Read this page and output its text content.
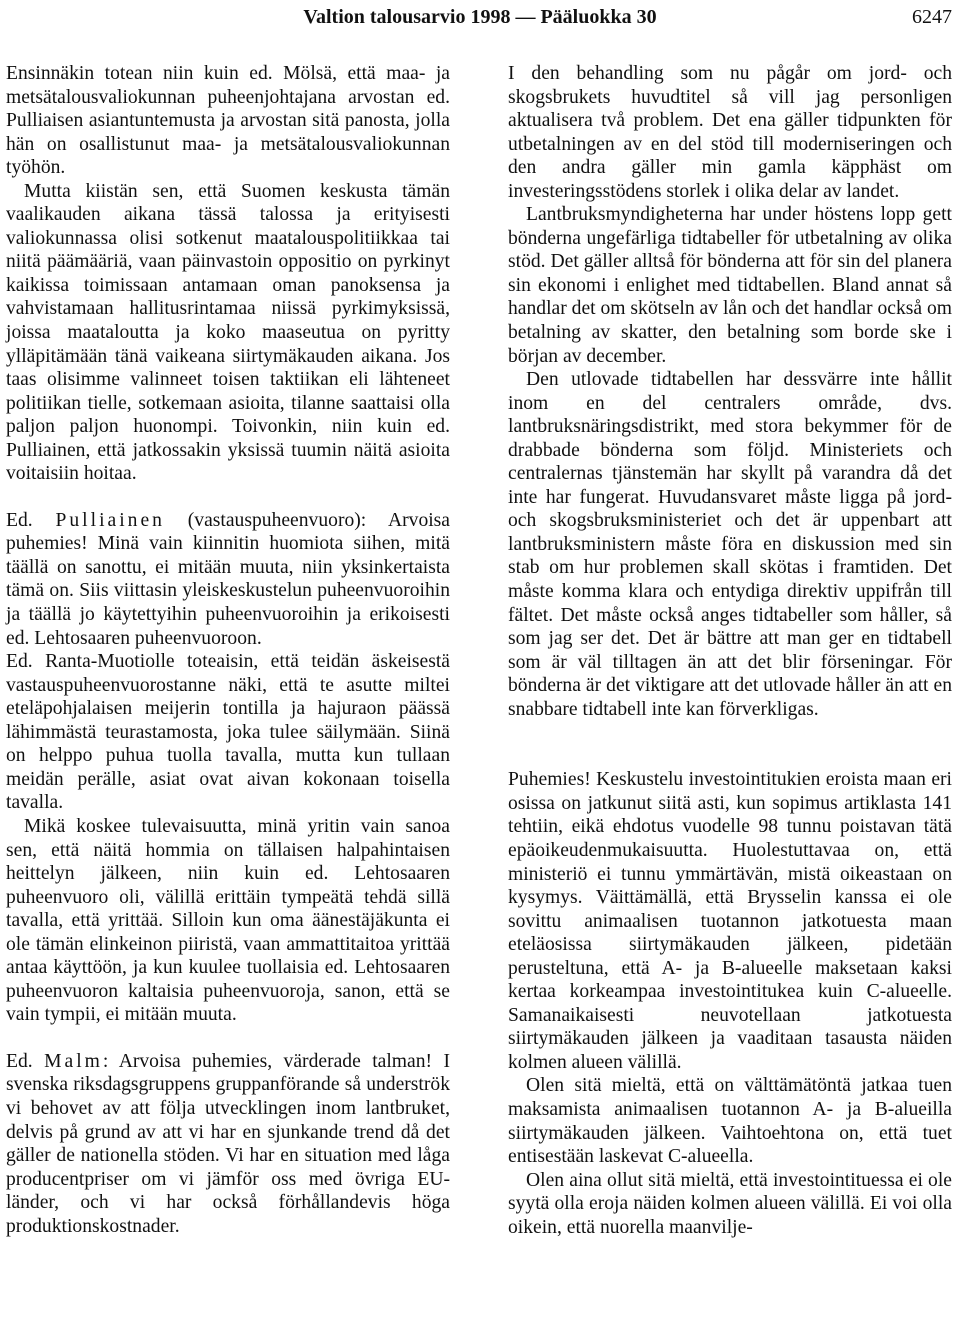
Valtion talousarvio 1998 — Pääluokka 30	6247

Ensinnäkin totean niin kuin ed. Mölsä, että maa- ja metsätalousvaliokunnan puheenjohtajana arvostan ed. Pulliaisen asiantuntemusta ja arvostan sitä panosta, jolla hän on osallistunut maa- ja metsätalousvaliokunnan työhön.

Mutta kiistän sen, että Suomen keskusta tämän vaalikauden aikana tässä talossa ja erityisesti valiokunnassa olisi sotkenut maatalouspolitiikkaa tai niitä päämääriä, vaan päinvastoin oppositio on pyrkinyt kaikissa toimissaan antamaan oman panoksensa ja vahvistamaan hallitusrintamaa niissä pyrkimyksissä, joissa maataloutta ja koko maaseutua on pyritty ylläpitämään tänä vaikeana siirtymäkauden aikana. Jos taas olisimme valinneet toisen taktiikan eli lähteneet politiikan tielle, sotkemaan asioita, tilanne saattaisi olla paljon paljon huonompi. Toivonkin, niin kuin ed. Pulliainen, että jatkossakin yksissä tuumin näitä asioita voitaisiin hoitaa.

Ed. Pulliainen (vastauspuheenvuoro): Arvoisa puhemies! Minä vain kiinnitin huomiota siihen, mitä täällä on sanottu, ei mitään muuta, niin yksinkertaista tämä on. Siis viittasin yleiskeskustelun puheenvuoroihin ja täällä jo käytettyihin puheenvuoroihin ja erikoisesti ed. Lehtosaaren puheenvuoroon.

Ed. Ranta-Muotiolle toteaisin, että teidän äskeisestä vastauspuheenvuorostanne näki, että te asutte miltei eteläpohjalaisen meijerin tontilla ja hajuraon päässä lähimmästä teurastamosta, joka tulee säilymään. Siinä on helppo puhua tuolla tavalla, mutta kun tullaan meidän perälle, asiat ovat aivan kokonaan toisella tavalla.

Mikä koskee tulevaisuutta, minä yritin vain sanoa sen, että näitä hommia on tällaisen halpahintaisen heittelyn jälkeen, niin kuin ed. Lehtosaaren puheenvuoro oli, välillä erittäin tympeätä tehdä sillä tavalla, että yrittää. Silloin kun oma äänestäjäkunta ei ole tämän elinkeinon piiristä, vaan ammattitaitoa yrittää antaa käyttöön, ja kun kuulee tuollaisia ed. Lehtosaaren puheenvuoron kaltaisia puheenvuoroja, sanon, että se vain tympii, ei mitään muuta.

Ed. Malm: Arvoisa puhemies, värderade talman! I svenska riksdagsgruppens gruppanförande så underströk vi behovet av att följa utvecklingen inom lantbruket, delvis på grund av att vi har en sjunkande trend då det gäller de nationella stöden. Vi har en situation med låga producentpriser om vi jämför oss med övriga EU-länder, och vi har också förhållandevis höga produktionskostnader.

I den behandling som nu pågår om jord- och skogsbrukets huvudtitel så vill jag personligen aktualisera två problem. Det ena gäller tidpunkten för utbetalningen av en del stöd till moderniseringen och den andra gäller min gamla käpphäst om investeringsstödens storlek i olika delar av landet.

Lantbruksmyndigheterna har under höstens lopp gett bönderna ungefärliga tidtabeller för utbetalning av olika stöd. Det gäller alltså för bönderna att för sin del planera sin ekonomi i enlighet med tidtabellen. Bland annat så handlar det om skötseln av lån och det handlar också om betalning av skatter, den betalning som borde ske i början av december.

Den utlovade tidtabellen har dessvärre inte hållit inom en del centralers område, dvs. lantbruksnäringsdistrikt, med stora bekymmer för de drabbade bönderna som följd. Ministeriets och centralernas tjänstemän har skyllt på varandra då det inte har fungerat. Huvudansvaret måste ligga på jord- och skogsbruksministeriet och det är uppenbart att lantbruksministern måste föra en diskussion med sin stab om hur problemen skall skötas i framtiden. Det måste komma klara och entydiga direktiv uppifrån till fältet. Det måste också anges tidtabeller som håller, så som jag ser det. Det är bättre att man ger en tidtabell som är väl tilltagen än att det blir förseningar. För bönderna är det viktigare att det utlovade håller än att en snabbare tidtabell inte kan förverkligas.

Puhemies! Keskustelu investointitukien eroista maan eri osissa on jatkunut siitä asti, kun sopimus artiklasta 141 tehtiin, eikä ehdotus vuodelle 98 tunnu poistavan tätä epäoikeudenmukaisuutta. Huolestuttavaa on, että ministeriö ei tunnu ymmärtävän, mistä oikeastaan on kysymys. Väittämällä, että Brysselin kanssa ei ole sovittu animaalisen tuotannon jatkotuesta maan eteläosissa siirtymäkauden jälkeen, pidetään perusteltuna, että A- ja B-alueelle maksetaan kaksi kertaa korkeampaa investointitukea kuin C-alueelle. Samanaikaisesti neuvotellaan jatkotuesta siirtymäkauden jälkeen ja vaaditaan tasausta näiden kolmen alueen välillä.

Olen sitä mieltä, että on välttämätöntä jatkaa tuen maksamista animaalisen tuotannon A- ja B-alueilla siirtymäkauden jälkeen. Vaihtoehtona on, että tuet entisestään laskevat C-alueella.

Olen aina ollut sitä mieltä, että investointituessa ei ole syytä olla eroja näiden kolmen alueen välillä. Ei voi olla oikein, että nuorella maanvilje-
